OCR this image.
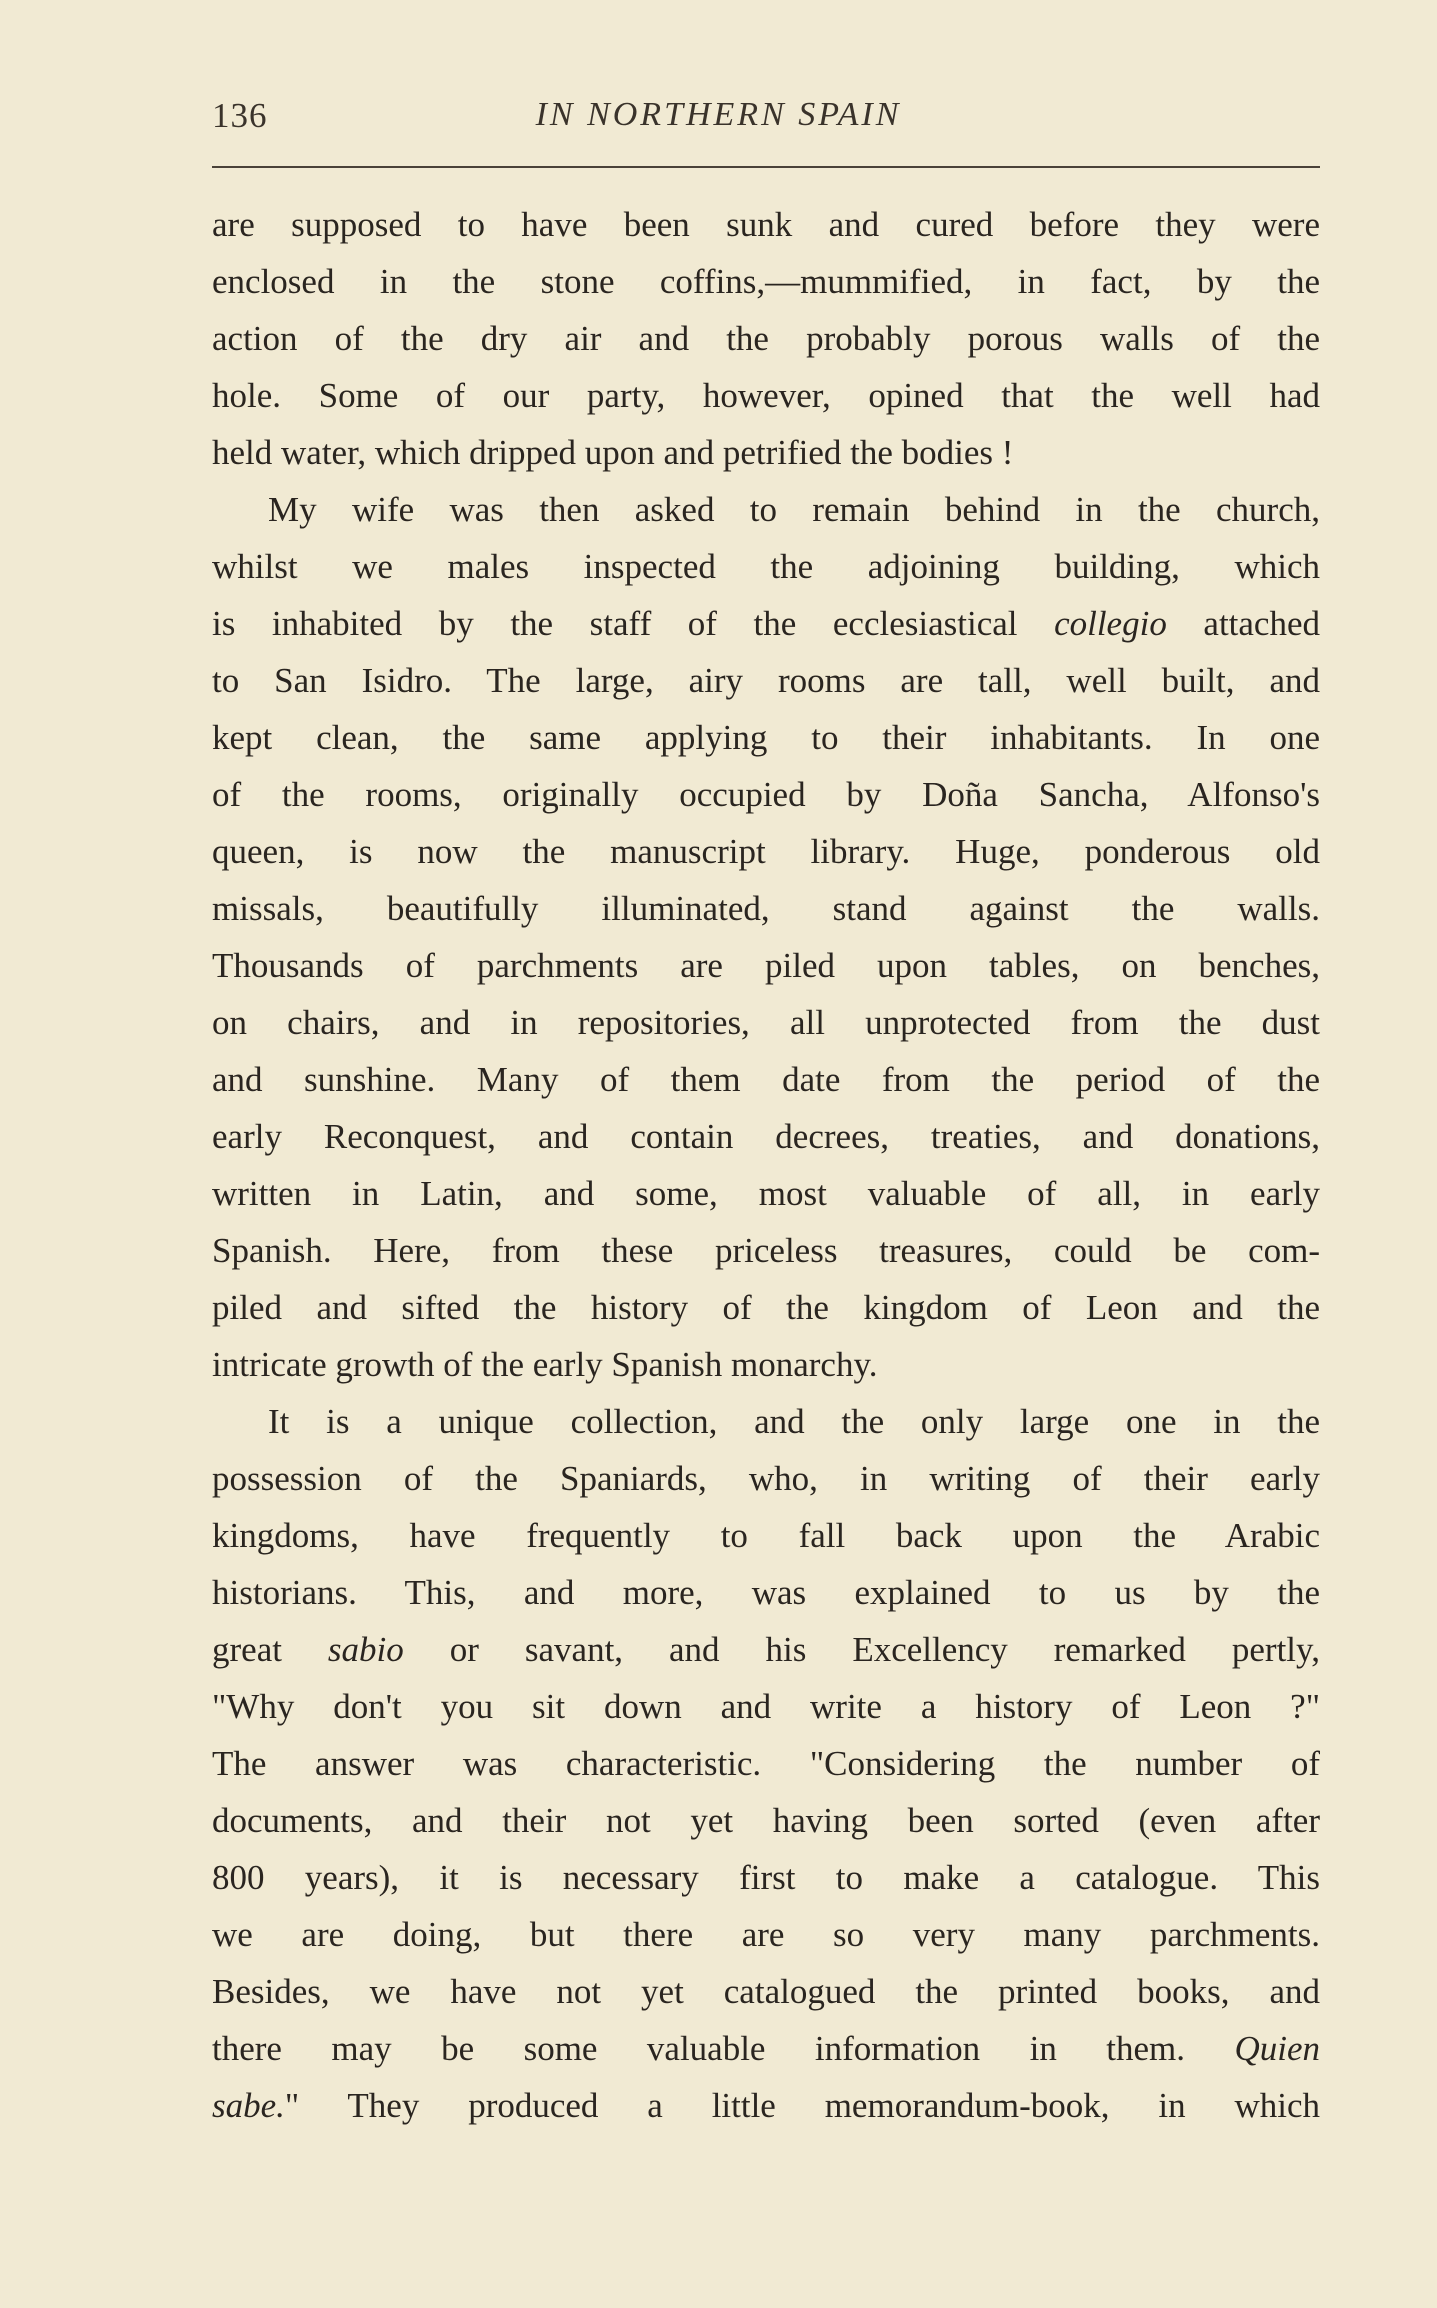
136	IN NORTHERN SPAIN
are supposed to have been sunk and cured before they were
enclosed in the stone coffins,—mummified, in fact, by the
action of the dry air and the probably porous walls of the
hole. Some of our party, however, opined that the well had
held water, which dripped upon and petrified the bodies !
My wife was then asked to remain behind in the church,
whilst we males inspected the adjoining building, which
is inhabited by the staff of the ecclesiastical collegio attached
to San Isidro. The large, airy rooms are tall, well built, and
kept clean, the same applying to their inhabitants. In one
of the rooms, originally occupied by Doña Sancha, Alfonso's
queen, is now the manuscript library. Huge, ponderous old
missals, beautifully illuminated, stand against the walls.
Thousands of parchments are piled upon tables, on benches,
on chairs, and in repositories, all unprotected from the dust
and sunshine. Many of them date from the period of the
early Reconquest, and contain decrees, treaties, and donations,
written in Latin, and some, most valuable of all, in early
Spanish. Here, from these priceless treasures, could be com-
piled and sifted the history of the kingdom of Leon and the
intricate growth of the early Spanish monarchy.
It is a unique collection, and the only large one in the
possession of the Spaniards, who, in writing of their early
kingdoms, have frequently to fall back upon the Arabic
historians. This, and more, was explained to us by the
great sabio or savant, and his Excellency remarked pertly,
"Why don't you sit down and write a history of Leon ?"
The answer was characteristic. "Considering the number of
documents, and their not yet having been sorted (even after
800 years), it is necessary first to make a catalogue. This
we are doing, but there are so very many parchments.
Besides, we have not yet catalogued the printed books, and
there may be some valuable information in them. Quien
sabe." They produced a little memorandum-book, in which
